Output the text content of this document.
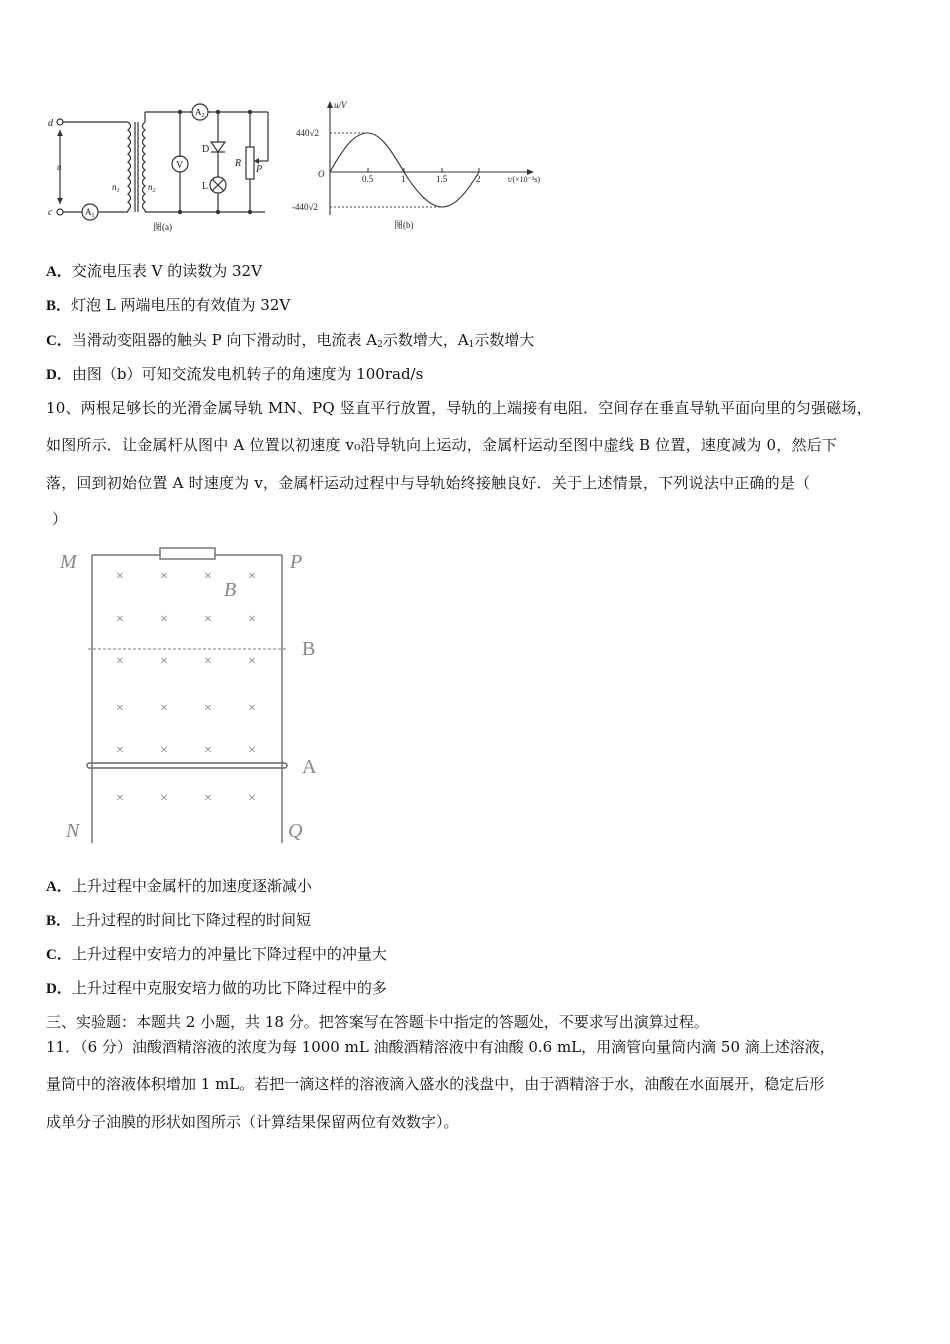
d
c
u
$n_1$	$n_2$
$A_1$
$A_2$
V
D
L
R
P
图(a)
u/V
440√2
-440√2
O	0.5	1	1.5	2	t/(×10⁻²s)
图(b)
A．交流电压表 V 的读数为 32V
B．灯泡 L 两端电压的有效值为 32V
C．当滑动变阻器的触头 P 向下滑动时，电流表 $A_2$示数增大，$A_1$示数增大
D．由图（b）可知交流发电机转子的角速度为 100rad/s
10、两根足够长的光滑金属导轨 MN、PQ 竖直平行放置，导轨的上端接有电阻．空间存在垂直导轨平面向里的匀强磁场，
如图所示．让金属杆从图中 A 位置以初速度 v₀沿导轨向上运动，金属杆运动至图中虚线 B 位置，速度减为 0，然后下
落，回到初始位置 A 时速度为 v，金属杆运动过程中与导轨始终接触良好．关于上述情景，下列说法中正确的是（
）
×	×	×	×
×	×	×	×
×	×	×	×
×	×	×	×
×	×	×	×
×	×	×	×
M	P
B
B
A
N	Q
A．上升过程中金属杆的加速度逐渐减小
B．上升过程的时间比下降过程的时间短
C．上升过程中安培力的冲量比下降过程中的冲量大
D．上升过程中克服安培力做的功比下降过程中的多
三、实验题：本题共 2 小题，共 18 分。把答案写在答题卡中指定的答题处，不要求写出演算过程。
11．（6 分）油酸酒精溶液的浓度为每 1000 mL 油酸酒精溶液中有油酸 0.6 mL，用滴管向量筒内滴 50 滴上述溶液，
量筒中的溶液体积增加 1 mL。若把一滴这样的溶液滴入盛水的浅盘中，由于酒精溶于水，油酸在水面展开，稳定后形
成单分子油膜的形状如图所示（计算结果保留两位有效数字）。
